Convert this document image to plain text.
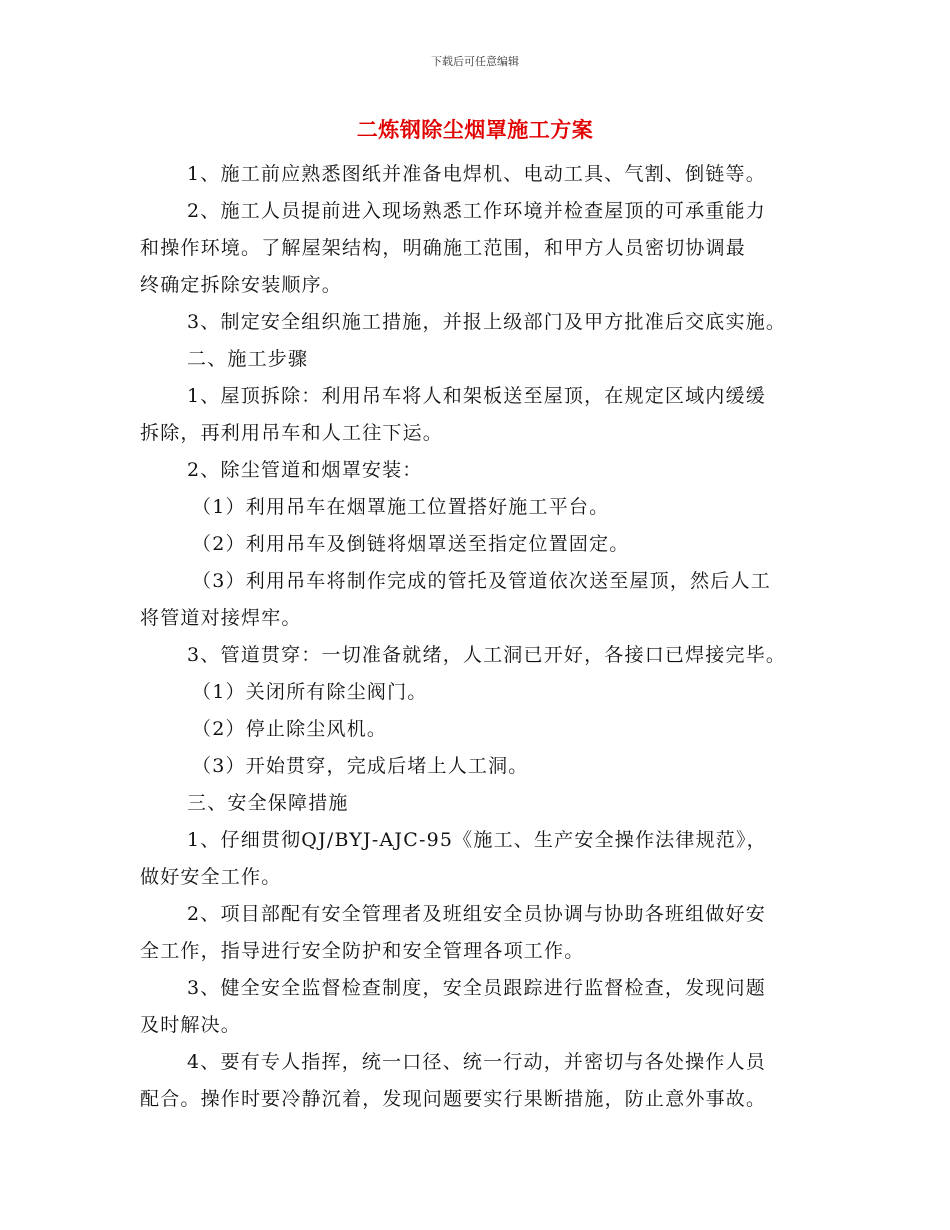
下载后可任意编辑
二炼钢除尘烟罩施工方案
1、施工前应熟悉图纸并准备电焊机、电动工具、气割、倒链等。
2、施工人员提前进入现场熟悉工作环境并检查屋顶的可承重能力
和操作环境。了解屋架结构，明确施工范围，和甲方人员密切协调最
终确定拆除安装顺序。
3、制定安全组织施工措施，并报上级部门及甲方批准后交底实施。
二、施工步骤
1、屋顶拆除：利用吊车将人和架板送至屋顶，在规定区域内缓缓
拆除，再利用吊车和人工往下运。
2、除尘管道和烟罩安装：
（1）利用吊车在烟罩施工位置搭好施工平台。
（2）利用吊车及倒链将烟罩送至指定位置固定。
（3）利用吊车将制作完成的管托及管道依次送至屋顶，然后人工
将管道对接焊牢。
3、管道贯穿：一切准备就绪，人工洞已开好，各接口已焊接完毕。
（1）关闭所有除尘阀门。
（2）停止除尘风机。
（3）开始贯穿，完成后堵上人工洞。
三、安全保障措施
1、仔细贯彻QJ/BYJ-AJC-95《施工、生产安全操作法律规范》，
做好安全工作。
2、项目部配有安全管理者及班组安全员协调与协助各班组做好安
全工作，指导进行安全防护和安全管理各项工作。
3、健全安全监督检查制度，安全员跟踪进行监督检查，发现问题
及时解决。
4、要有专人指挥，统一口径、统一行动，并密切与各处操作人员
配合。操作时要冷静沉着，发现问题要实行果断措施，防止意外事故。
